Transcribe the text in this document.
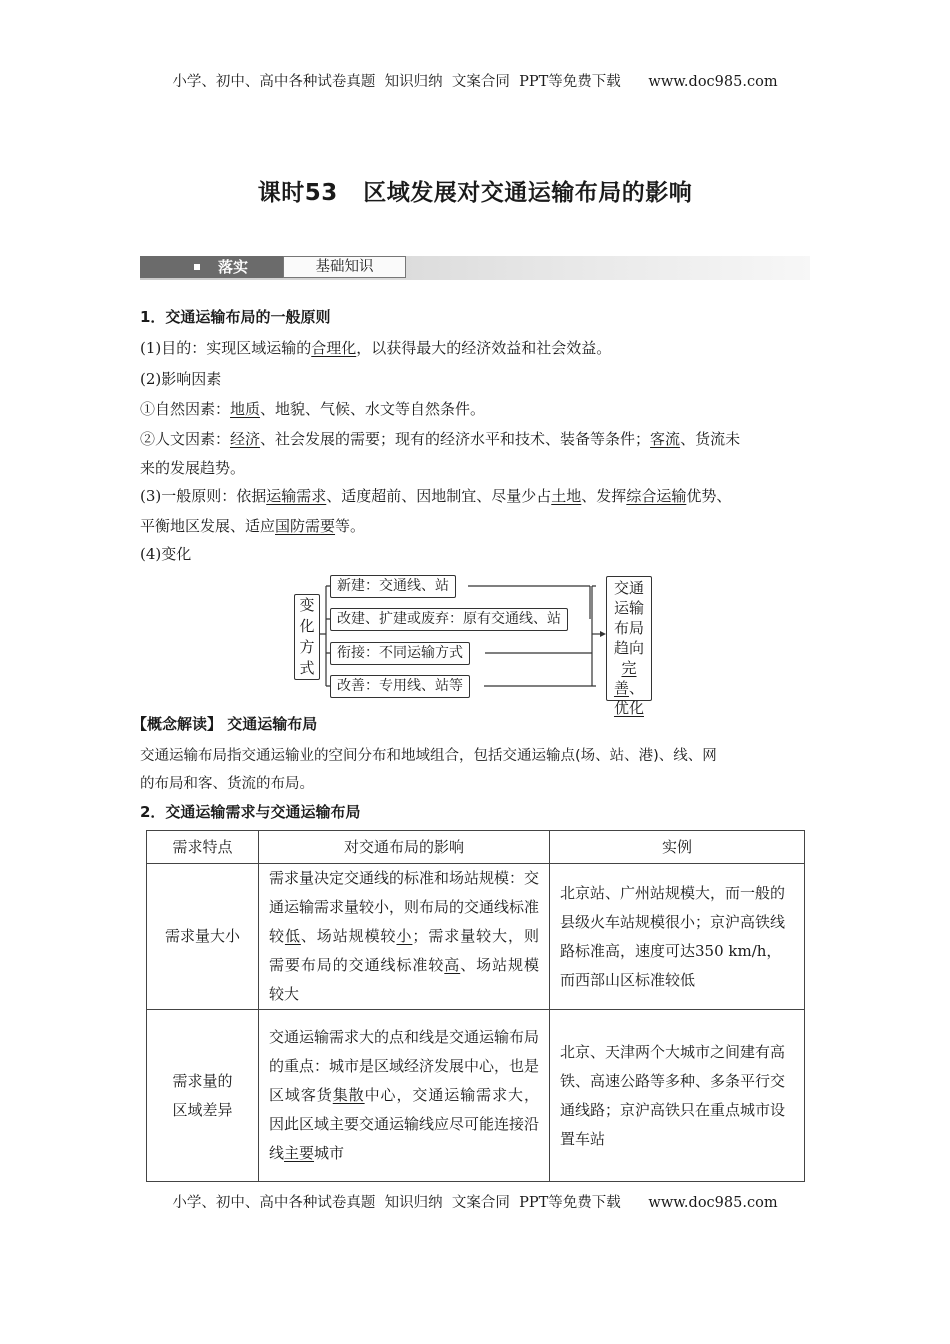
小学、初中、高中各种试卷真题  知识归纳  文案合同  PPT等免费下载 www.doc985.com
课时53   区域发展对交通运输布局的影响
落实	基础知识
1．交通运输布局的一般原则
(1)目的：实现区域运输的合理化，以获得最大的经济效益和社会效益。
(2)影响因素
①自然因素：地质、地貌、气候、水文等自然条件。
②人文因素：经济、社会发展的需要；现有的经济水平和技术、装备等条件；客流、货流未
来的发展趋势。
(3)一般原则：依据运输需求、适度超前、因地制宜、尽量少占土地、发挥综合运输优势、
平衡地区发展、适应国防需要等。
(4)变化
变
化
方
式
新建：交通线、站
改建、扩建或废弃：原有交通线、站
衔接：不同运输方式
改善：专用线、站等
交通
运输
布局
趋向
完善、
优化
【概念解读】 交通运输布局
交通运输布局指交通运输业的空间分布和地域组合，包括交通运输点(场、站、港)、线、网
的布局和客、货流的布局。
2．交通运输需求与交通运输布局
需求特点	对交通布局的影响	实例
需求量大小	需求量决定交通线的标准和场站规模：交通运输需求量较小，则布局的交通线标准较低、场站规模较小；需求量较大，则需要布局的交通线标准较高、场站规模较大	北京站、广州站规模大，而一般的县级火车站规模很小；京沪高铁线路标准高，速度可达350 km/h，而西部山区标准较低

需求量的
区域差异	交通运输需求大的点和线是交通运输布局的重点：城市是区域经济发展中心，也是区域客货集散中心，交通运输需求大，因此区域主要交通运输线应尽可能连接沿线主要城市	北京、天津两个大城市之间建有高铁、高速公路等多种、多条平行交通线路；京沪高铁只在重点城市设置车站
小学、初中、高中各种试卷真题  知识归纳  文案合同  PPT等免费下载 www.doc985.com
